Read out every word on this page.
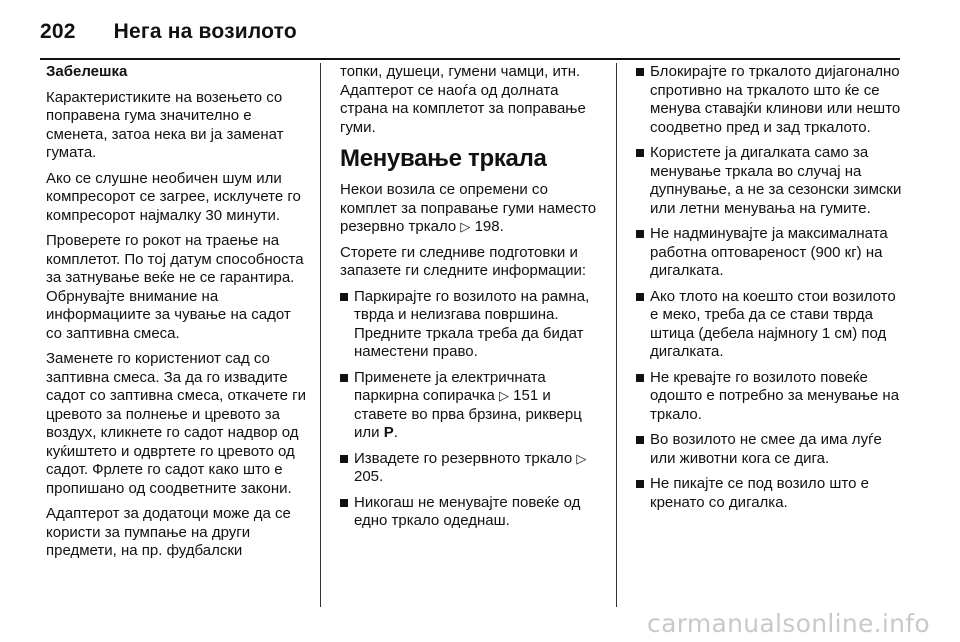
202 Нега на возилото

Забелешка

Карактеристиките на возењето со поправена гума значително е сменета, затоа нека ви ја заменат гумата.

Ако се слушне необичен шум или компресорот се загрее, исклучете го компресорот најмалку 30 минути.

Проверете го рокот на траење на комплетот. По тој датум способноста за затнување веќе не се гарантира. Обрнувајте внимание на информациите за чување на садот со заптивна смеса.

Заменете го користениот сад со заптивна смеса. За да го извадите садот со заптивна смеса, откачете ги цревото за полнење и цревото за воздух, кликнете го садот надвор од куќиштето и одвртете го цревото од садот. Фрлете го садот како што е пропишано од соодветните закони.

Адаптерот за додатоци може да се користи за пумпање на други предмети, на пр. фудбалски

топки, душеци, гумени чамци, итн. Адаптерот се наоѓа од долната страна на комплетот за поправање гуми.

Менување тркала

Некои возила се опремени со комплет за поправање гуми наместо резервно тркало ▷ 198.

Сторете ги следниве подготовки и запазете ги следните информации:

Паркирајте го возилото на рамна, тврда и нелизгава површина. Предните тркала треба да бидат наместени право.
Применете ја електричната паркирна сопирачка ▷ 151 и ставете во прва брзина, рикверц или P.
Извадете го резервното тркало ▷ 205.
Никогаш не менувајте повеќе од едно тркало одеднаш.
Блокирајте го тркалото дијагонално спротивно на тркалото што ќе се менува ставајќи клинови или нешто соодветно пред и зад тркалото.
Користете ја дигалката само за менување тркала во случај на дупнување, а не за сезонски зимски или летни менувања на гумите.
Не надминувајте ја максималната работна оптовареност (900 кг) на дигалката.
Ако тлото на коешто стои возилото е меко, треба да се стави тврда штица (дебела најмногу 1 см) под дигалката.
Не кревајте го возилото повеќе одошто е потребно за менување на тркало.
Во возилото не смее да има луѓе или животни кога се дига.
Не пикајте се под возило што е кренато со дигалка.
carmanualsonline.info
